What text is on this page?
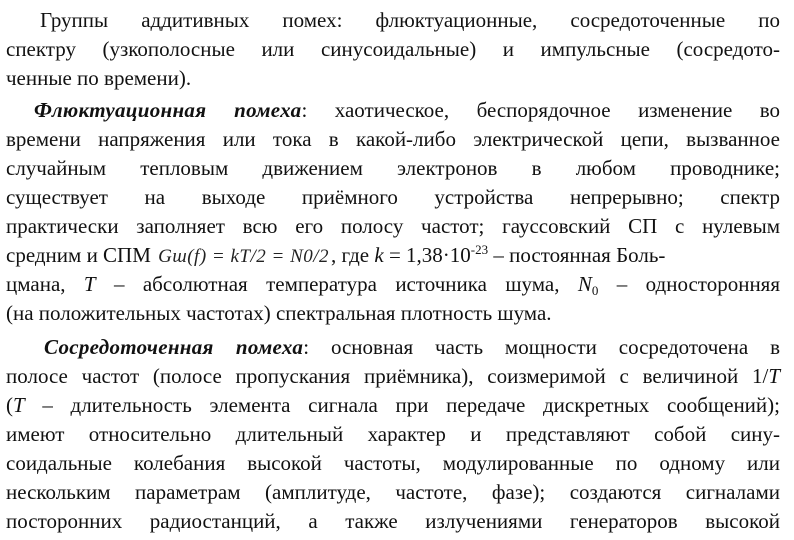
Группы аддитивных помех: флюктуационные, сосредоточенные по
спектру (узкополосные или синусоидальные) и импульсные (сосредото-
ченные по времени).
Флюктуационная помеха: хаотическое, беспорядочное изменение во
времени напряжения или тока в какой-либо электрической цепи, вызванное
случайным тепловым движением электронов в любом проводнике;
существует на выходе приёмного устройства непрерывно; спектр
практически заполняет всю его полосу частот; гауссовский СП с нулевым
средним и СПМ Gш(f) = kT/2 = N0/2, где $k = 1,38\cdot 10^{-23}$ – постоянная Боль-
цмана, T – абсолютная температура источника шума, $N_0$ – односторонняя
(на положительных частотах) спектральная плотность шума.
Сосредоточенная помеха: основная часть мощности сосредоточена в
полосе частот (полосе пропускания приёмника), соизмеримой с величиной 1/T
(T – длительность элемента сигнала при передаче дискретных сообщений);
имеют относительно длительный характер и представляют собой сину-
соидальные колебания высокой частоты, модулированные по одному или
нескольким параметрам (амплитуде, частоте, фазе); создаются сигналами
посторонних радиостанций, а также излучениями генераторов высокой
